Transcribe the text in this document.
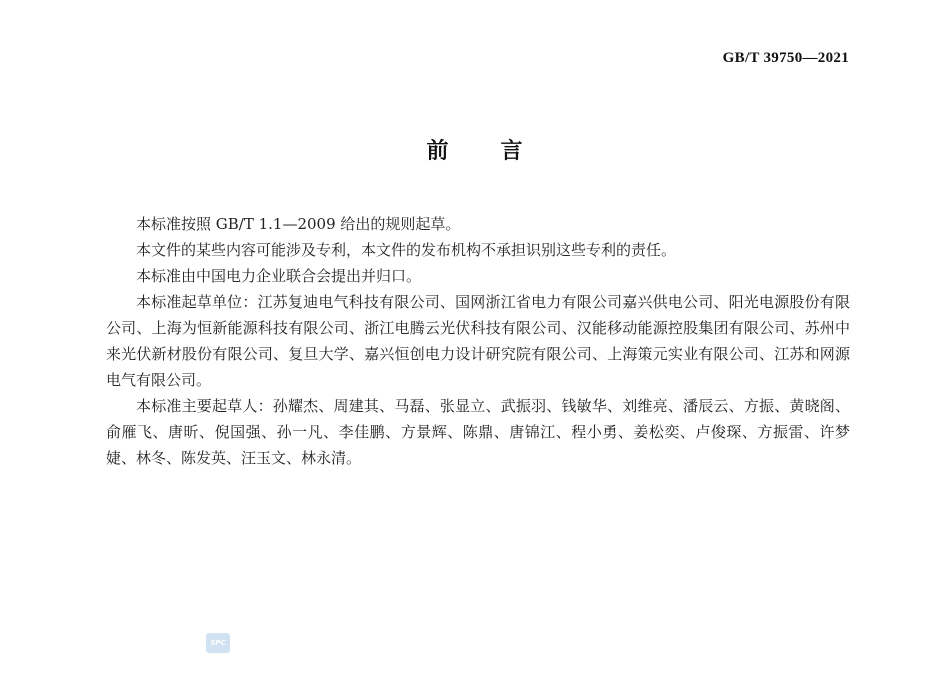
GB/T 39750—2021
前言

本标准按照 GB/T 1.1—2009 给出的规则起草。

本文件的某些内容可能涉及专利，本文件的发布机构不承担识别这些专利的责任。

本标准由中国电力企业联合会提出并归口。

本标准起草单位：江苏复迪电气科技有限公司、国网浙江省电力有限公司嘉兴供电公司、阳光电源股份有限公司、上海为恒新能源科技有限公司、浙江电腾云光伏科技有限公司、汉能移动能源控股集团有限公司、苏州中来光伏新材股份有限公司、复旦大学、嘉兴恒创电力设计研究院有限公司、上海策元实业有限公司、江苏和网源电气有限公司。

本标准主要起草人：孙耀杰、周建其、马磊、张显立、武振羽、钱敏华、刘维亮、潘辰云、方振、黄晓阁、俞雁飞、唐昕、倪国强、孙一凡、李佳鹏、方景辉、陈鼎、唐锦江、程小勇、姜松奕、卢俊琛、方振雷、许梦婕、林冬、陈发英、汪玉文、林永清。

SPC
